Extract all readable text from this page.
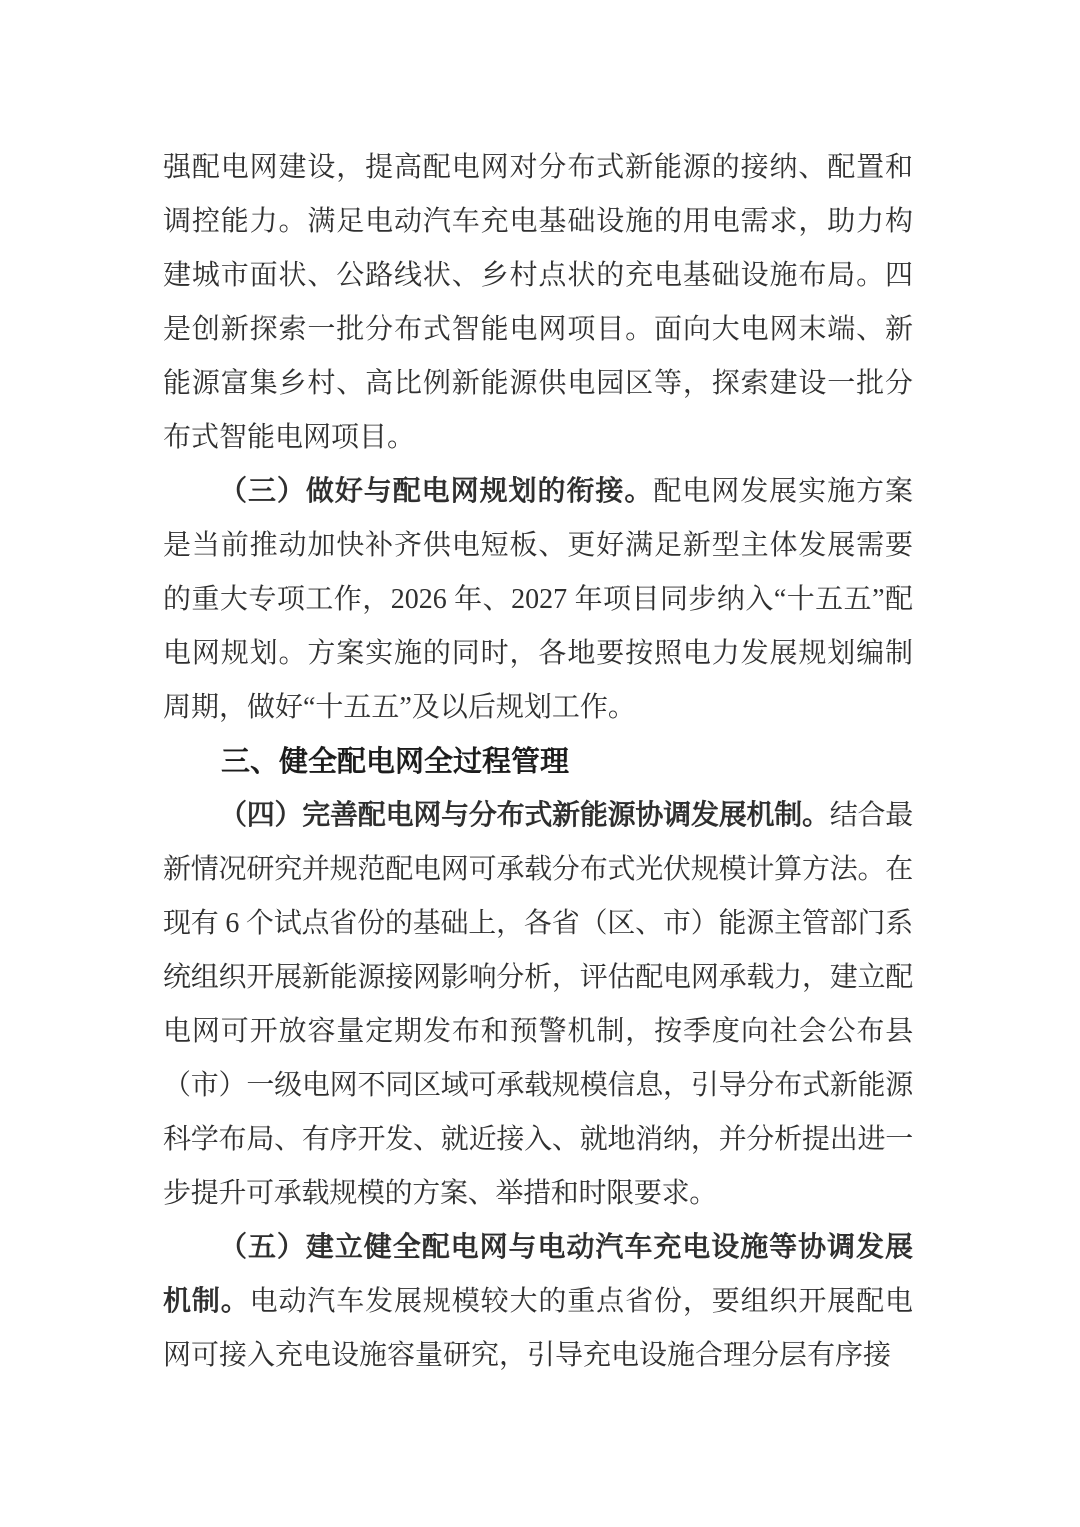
强配电网建设，提高配电网对分布式新能源的接纳、配置和调控能力。满足电动汽车充电基础设施的用电需求，助力构建城市面状、公路线状、乡村点状的充电基础设施布局。四是创新探索一批分布式智能电网项目。面向大电网末端、新能源富集乡村、高比例新能源供电园区等，探索建设一批分布式智能电网项目。

（三）做好与配电网规划的衔接。配电网发展实施方案是当前推动加快补齐供电短板、更好满足新型主体发展需要的重大专项工作，2026 年、2027 年项目同步纳入“十五五”配电网规划。方案实施的同时，各地要按照电力发展规划编制周期，做好“十五五”及以后规划工作。

三、健全配电网全过程管理

（四）完善配电网与分布式新能源协调发展机制。结合最新情况研究并规范配电网可承载分布式光伏规模计算方法。在现有 6 个试点省份的基础上，各省（区、市）能源主管部门系统组织开展新能源接网影响分析，评估配电网承载力，建立配电网可开放容量定期发布和预警机制，按季度向社会公布县（市）一级电网不同区域可承载规模信息，引导分布式新能源科学布局、有序开发、就近接入、就地消纳，并分析提出进一步提升可承载规模的方案、举措和时限要求。

（五）建立健全配电网与电动汽车充电设施等协调发展机制。电动汽车发展规模较大的重点省份，要组织开展配电网可接入充电设施容量研究，引导充电设施合理分层有序接
